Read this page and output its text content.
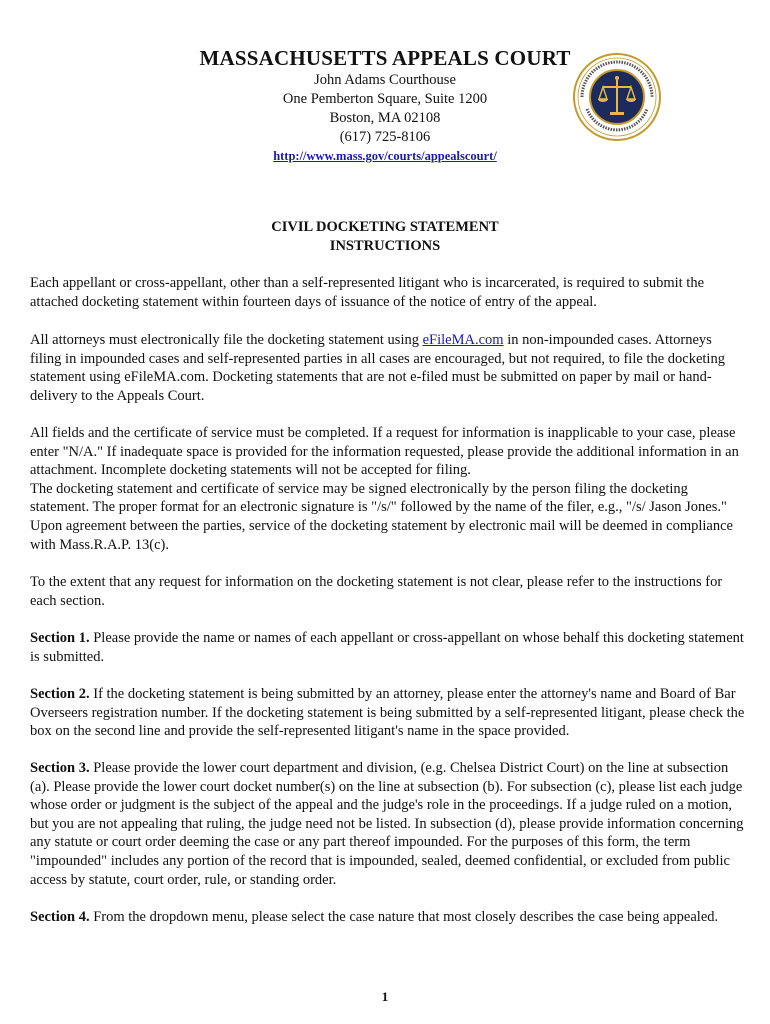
MASSACHUSETTS APPEALS COURT
John Adams Courthouse
One Pemberton Square, Suite 1200
Boston, MA 02108
(617) 725-8106
http://www.mass.gov/courts/appealscourt/
CIVIL DOCKETING STATEMENT
INSTRUCTIONS

Each appellant or cross-appellant, other than a self-represented litigant who is incarcerated, is required to submit the attached docketing statement within fourteen days of issuance of the notice of entry of the appeal.

All attorneys must electronically file the docketing statement using eFileMA.com in non-impounded cases. Attorneys filing in impounded cases and self-represented parties in all cases are encouraged, but not required, to file the docketing statement using eFileMA.com. Docketing statements that are not e-filed must be submitted on paper by mail or hand-delivery to the Appeals Court.

All fields and the certificate of service must be completed. If a request for information is inapplicable to your case, please enter "N/A." If inadequate space is provided for the information requested, please provide the additional information in an attachment. Incomplete docketing statements will not be accepted for filing.

The docketing statement and certificate of service may be signed electronically by the person filing the docketing statement. The proper format for an electronic signature is "/s/" followed by the name of the filer, e.g., "/s/ Jason Jones." Upon agreement between the parties, service of the docketing statement by electronic mail will be deemed in compliance with Mass.R.A.P. 13(c).

To the extent that any request for information on the docketing statement is not clear, please refer to the instructions for each section.

Section 1. Please provide the name or names of each appellant or cross-appellant on whose behalf this docketing statement is submitted.

Section 2. If the docketing statement is being submitted by an attorney, please enter the attorney's name and Board of Bar Overseers registration number. If the docketing statement is being submitted by a self-represented litigant, please check the box on the second line and provide the self-represented litigant's name in the space provided.

Section 3. Please provide the lower court department and division, (e.g. Chelsea District Court) on the line at subsection (a). Please provide the lower court docket number(s) on the line at subsection (b). For subsection (c), please list each judge whose order or judgment is the subject of the appeal and the judge's role in the proceedings. If a judge ruled on a motion, but you are not appealing that ruling, the judge need not be listed. In subsection (d), please provide information concerning any statute or court order deeming the case or any part thereof impounded. For the purposes of this form, the term "impounded" includes any portion of the record that is impounded, sealed, deemed confidential, or excluded from public access by statute, court order, rule, or standing order.

Section 4. From the dropdown menu, please select the case nature that most closely describes the case being appealed.

1
